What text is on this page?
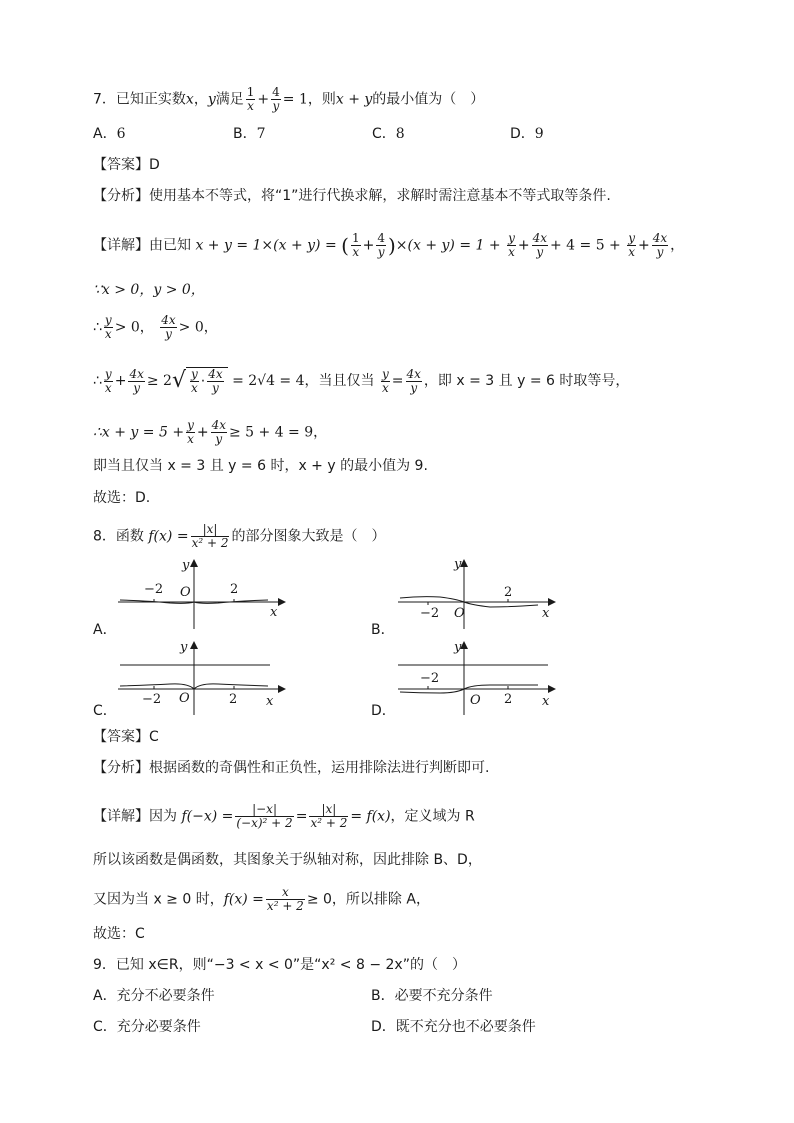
7．已知正实数x，y满足 $\frac{1}{x} + \frac{4}{y} = 1$，则x + y的最小值为（　）
A．6	B．7	C．8	D．9
【答案】D
【分析】使用基本不等式，将“1”进行代换求解，求解时需注意基本不等式取等条件.
【详解】由已知 x + y = 1×(x + y) = ( $\frac{1}{x} + \frac{4}{y} )\times(x + y) = 1 + \frac{y}{x} + \frac{4x}{y} + 4 = 5 + \frac{y}{x} + \frac{4x}{y}$ ，
∵x > 0，y > 0，
∴ $\frac{y}{x} > 0$， $\frac{4x}{y} > 0$，
∴ $\frac{y}{x} + \frac{4x}{y} \ge 2√ \frac{y}{x} \cdot \frac{4x}{y} = 2√4 = 4$，当且仅当 $\frac{y}{x} = \frac{4x}{y}$ ，即 x = 3 且 y = 6 时取等号，
∴x + $y = 5 + \frac{y}{x} + \frac{4x}{y} \ge 5 + 4 = 9$，
即当且仅当 x = 3 且 y = 6 时，x + y 的最小值为 9.
故选：D.
8．函数 $f(x) = \frac{|x|}{\text{x² + 2}}$ 的部分图象大致是（　）
−2	2
O
y
x
A．
−2
2
O
y
x
B．
−2	2
O
y
x
C．
−2
2
O
y
x
D．
【答案】C
【分析】根据函数的奇偶性和正负性，运用排除法进行判断即可.
【详解】因为 $f(-x) = \frac{|-x|}{\text{(−x)² + 2}} = \frac{|x|}{\text{x² + 2}} = f(x)$，定义域为 R
所以该函数是偶函数，其图象关于纵轴对称，因此排除 B、D，
又因为当 x ≥ 0 时，$f(x) = \frac{x}{\text{x² + 2}} \ge 0$，所以排除 A，
故选：C
9．已知 x∈R，则“−3 < x < 0”是“x² < 8 − 2x”的（　）
A．充分不必要条件	B．必要不充分条件
C．充分必要条件	D．既不充分也不必要条件
